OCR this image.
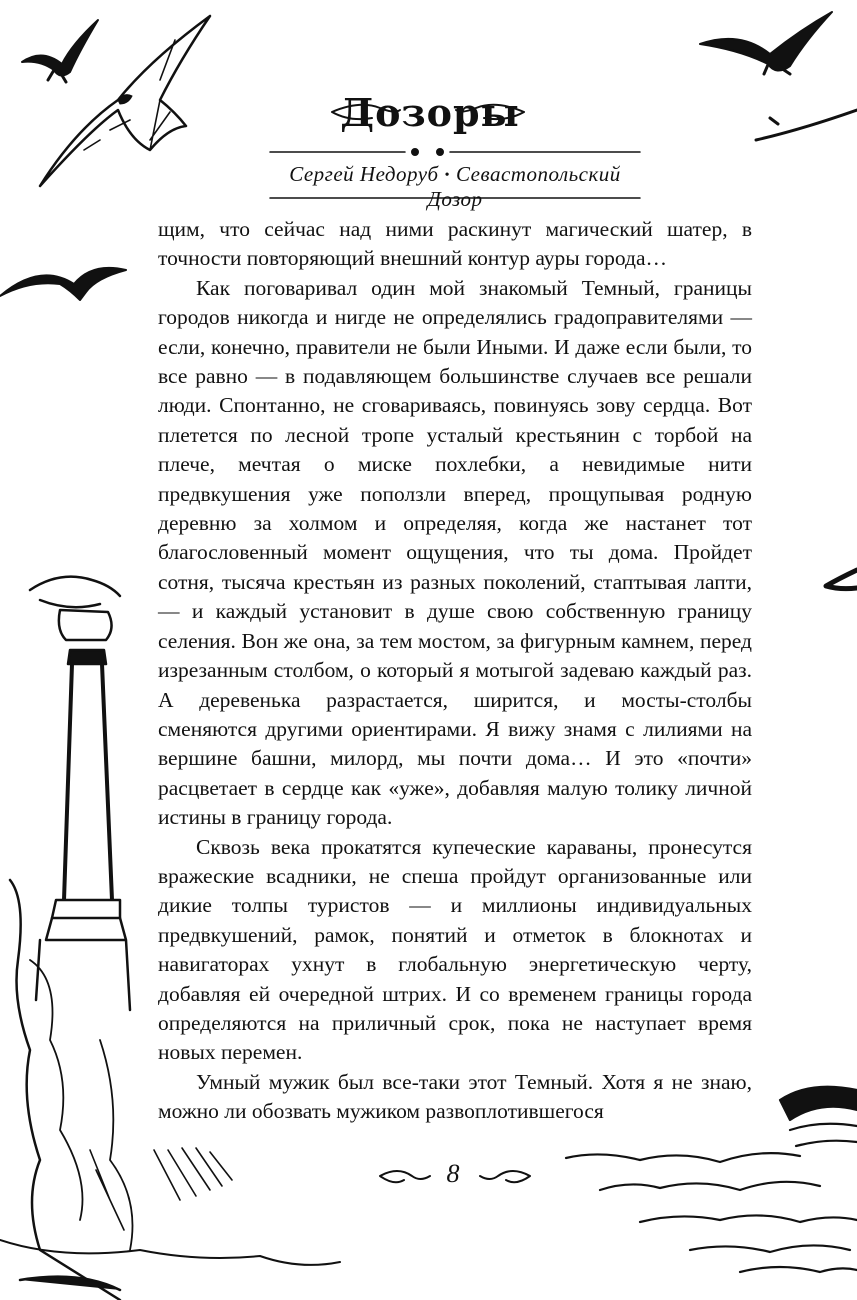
Дозоры
Сергей Недоруб • Севастопольский Дозор

щим, что сейчас над ними раскинут магический шатер, в точности повторяющий внешний контур ауры города…

Как поговаривал один мой знакомый Темный, границы городов никогда и нигде не определялись градоправителями — если, конечно, правители не были Иными. И даже если были, то все равно — в подавляющем большинстве случаев все решали люди. Спонтанно, не сговариваясь, повинуясь зову сердца. Вот плетется по лесной тропе усталый крестьянин с торбой на плече, мечтая о миске похлебки, а невидимые нити предвкушения уже поползли вперед, прощупывая родную деревню за холмом и определяя, когда же настанет тот благословенный момент ощущения, что ты дома. Пройдет сотня, тысяча крестьян из разных поколений, стаптывая лапти, — и каждый установит в душе свою собственную границу селения. Вон же она, за тем мостом, за фигурным камнем, перед изрезанным столбом, о который я мотыгой задеваю каждый раз. А деревенька разрастается, ширится, и мосты-столбы сменяются другими ориентирами. Я вижу знамя с лилиями на вершине башни, милорд, мы почти дома… И это «почти» расцветает в сердце как «уже», добавляя малую толику личной истины в границу города.

Сквозь века прокатятся купеческие караваны, пронесутся вражеские всадники, не спеша пройдут организованные или дикие толпы туристов — и миллионы индивидуальных предвкушений, рамок, понятий и отметок в блокнотах и навигаторах ухнут в глобальную энергетическую черту, добавляя ей очередной штрих. И со временем границы города определяются на приличный срок, пока не наступает время новых перемен.

Умный мужик был все-таки этот Темный. Хотя я не знаю, можно ли обозвать мужиком развоплотившегося

8
